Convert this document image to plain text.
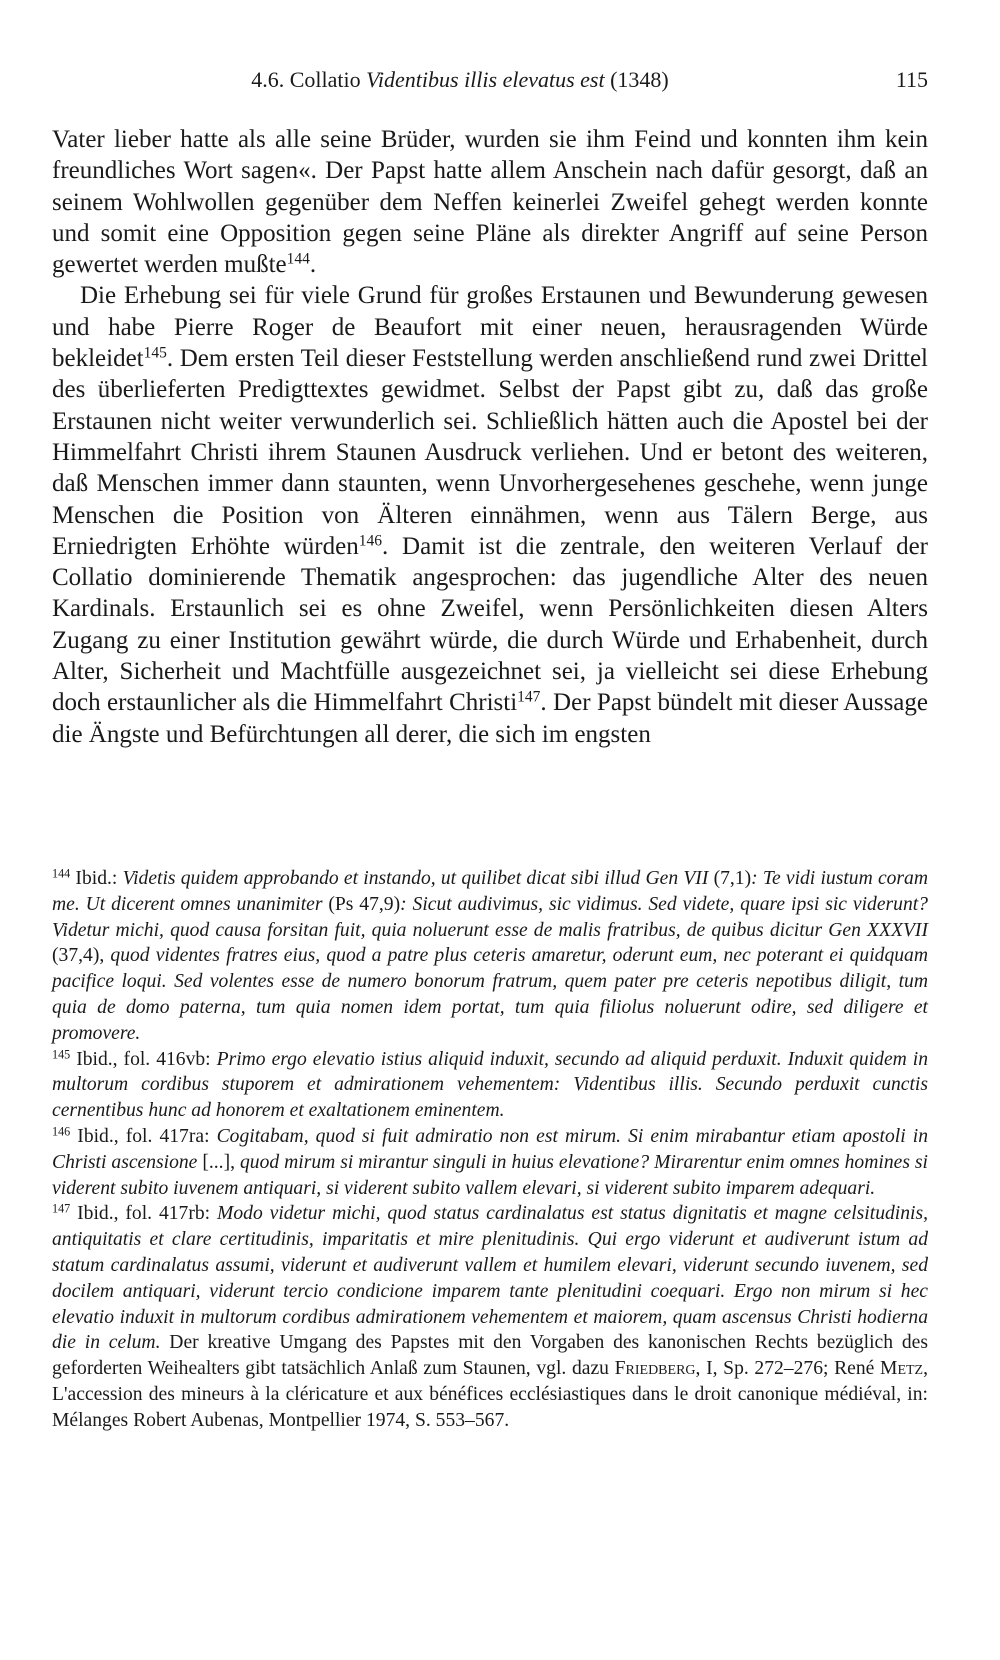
4.6. Collatio Videntibus illis elevatus est (1348)	115

Vater lieber hatte als alle seine Brüder, wurden sie ihm Feind und konnten ihm kein freundliches Wort sagen«. Der Papst hatte allem Anschein nach dafür gesorgt, daß an seinem Wohlwollen gegenüber dem Neffen keinerlei Zweifel gehegt werden konnte und somit eine Opposition gegen seine Pläne als direkter Angriff auf seine Person gewertet werden mußte$^{144}$.

Die Erhebung sei für viele Grund für großes Erstaunen und Bewunderung gewesen und habe Pierre Roger de Beaufort mit einer neuen, herausragenden Würde bekleidet$^{145}$. Dem ersten Teil dieser Feststellung werden anschließend rund zwei Drittel des überlieferten Predigttextes gewidmet. Selbst der Papst gibt zu, daß das große Erstaunen nicht weiter verwunderlich sei. Schließlich hätten auch die Apostel bei der Himmelfahrt Christi ihrem Staunen Ausdruck verliehen. Und er betont des weiteren, daß Menschen immer dann staunten, wenn Unvorhergesehenes geschehe, wenn junge Menschen die Position von Älteren einnähmen, wenn aus Tälern Berge, aus Erniedrigten Erhöhte würden$^{146}$. Damit ist die zentrale, den weiteren Verlauf der Collatio dominierende Thematik angesprochen: das jugendliche Alter des neuen Kardinals. Erstaunlich sei es ohne Zweifel, wenn Persönlichkeiten diesen Alters Zugang zu einer Institution gewährt würde, die durch Würde und Erhabenheit, durch Alter, Sicherheit und Machtfülle ausgezeichnet sei, ja vielleicht sei diese Erhebung doch erstaunlicher als die Himmelfahrt Christi$^{147}$. Der Papst bündelt mit dieser Aussage die Ängste und Befürchtungen all derer, die sich im engsten

$^{144}$ Ibid.: Videtis quidem approbando et instando, ut quilibet dicat sibi illud Gen VII (7,1): Te vidi iustum coram me. Ut dicerent omnes unanimiter (Ps 47,9): Sicut audivimus, sic vidimus. Sed videte, quare ipsi sic viderunt? Videtur michi, quod causa forsitan fuit, quia noluerunt esse de malis fratribus, de quibus dicitur Gen XXXVII (37,4), quod videntes fratres eius, quod a patre plus ceteris amaretur, oderunt eum, nec poterant ei quidquam pacifice loqui. Sed volentes esse de numero bonorum fratrum, quem pater pre ceteris nepotibus diligit, tum quia de domo paterna, tum quia nomen idem portat, tum quia filiolus noluerunt odire, sed diligere et promovere.

$^{145}$ Ibid., fol. 416vb: Primo ergo elevatio istius aliquid induxit, secundo ad aliquid perduxit. Induxit quidem in multorum cordibus stuporem et admirationem vehementem: Videntibus illis. Secundo perduxit cunctis cernentibus hunc ad honorem et exaltationem eminentem.

$^{146}$ Ibid., fol. 417ra: Cogitabam, quod si fuit admiratio non est mirum. Si enim mirabantur etiam apostoli in Christi ascensione [...], quod mirum si mirantur singuli in huius elevatione? Mirarentur enim omnes homines si viderent subito iuvenem antiquari, si viderent subito vallem elevari, si viderent subito imparem adequari.

$^{147}$ Ibid., fol. 417rb: Modo videtur michi, quod status cardinalatus est status dignitatis et magne celsitudinis, antiquitatis et clare certitudinis, imparitatis et mire plenitudinis. Qui ergo viderunt et audiverunt istum ad statum cardinalatus assumi, viderunt et audiverunt vallem et humilem elevari, viderunt secundo iuvenem, sed docilem antiquari, viderunt tercio condicione imparem tante plenitudini coequari. Ergo non mirum si hec elevatio induxit in multorum cordibus admirationem vehementem et maiorem, quam ascensus Christi hodierna die in celum. Der kreative Umgang des Papstes mit den Vorgaben des kanonischen Rechts bezüglich des geforderten Weihealters gibt tatsächlich Anlaß zum Staunen, vgl. dazu Friedberg, I, Sp. 272–276; René Metz, L'accession des mineurs à la cléricature et aux bénéfices ecclésiastiques dans le droit canonique médiéval, in: Mélanges Robert Aubenas, Montpellier 1974, S. 553–567.
